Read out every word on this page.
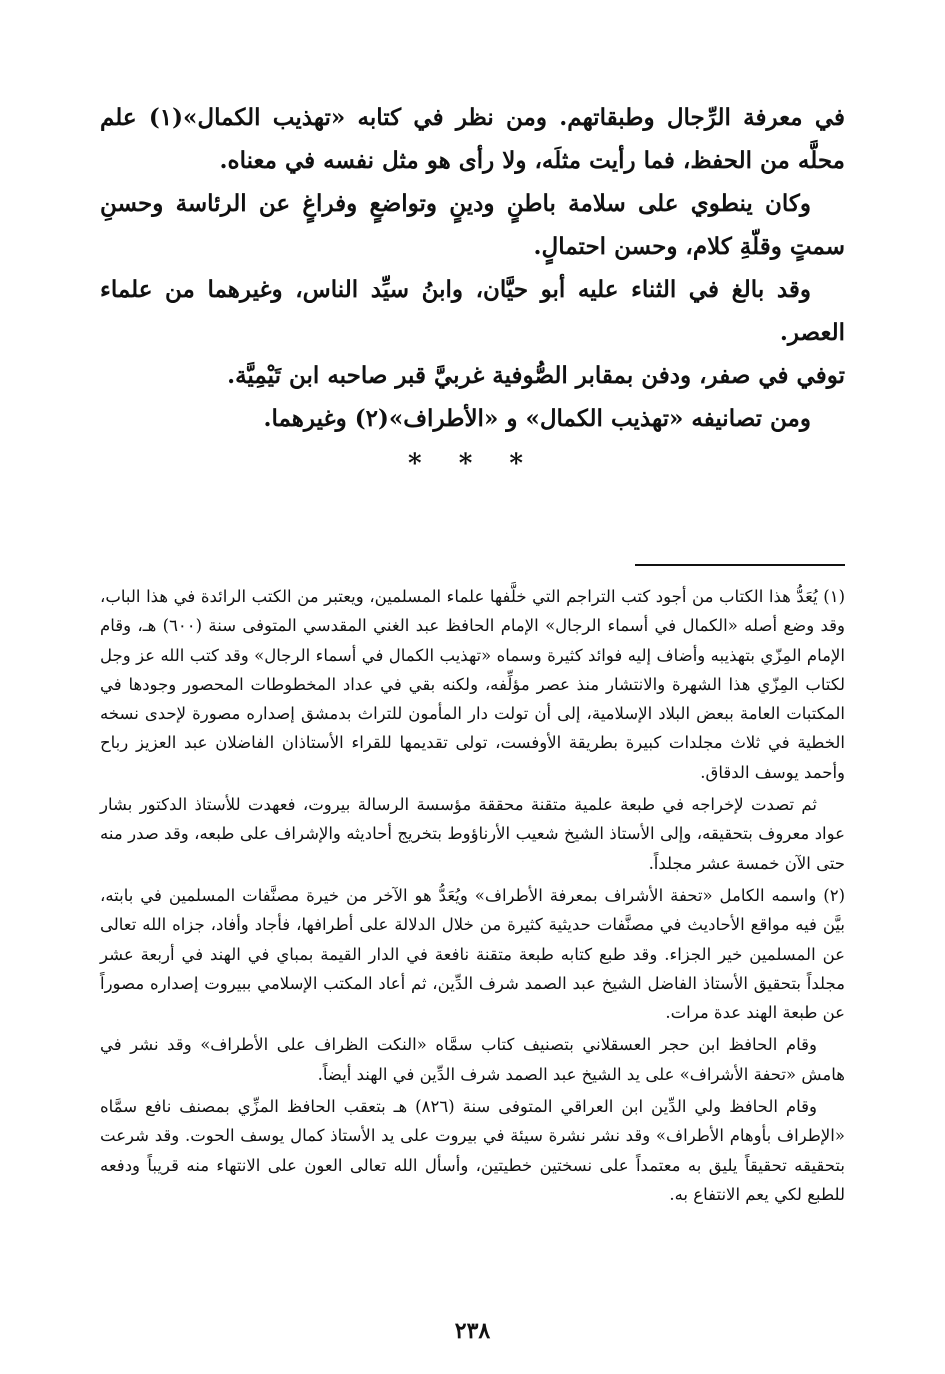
في معرفة الرِّجال وطبقاتهم. ومن نظر في كتابه «تهذيب الكمال»(١) علم محلَّه من الحفظ، فما رأيت مثلَه، ولا رأى هو مثل نفسه في معناه.

وكان ينطوي على سلامة باطنٍ ودينٍ وتواضعٍ وفراغٍ عن الرئاسة وحسنِ سمتٍ وقلّةِ كلام، وحسن احتمالٍ.

وقد بالغ في الثناء عليه أبو حيَّان، وابنُ سيِّد الناس، وغيرهما من علماء العصر.

توفي في صفر، ودفن بمقابر الصُّوفية غربيَّ قبر صاحبه ابن تَيْمِيَّة.

ومن تصانيفه «تهذيب الكمال» و «الأطراف»(٢) وغيرهما.

* * *

(١) يُعَدُّ هذا الكتاب من أجود كتب التراجم التي خلَّفها علماء المسلمين، ويعتبر من الكتب الرائدة في هذا الباب، وقد وضع أصله «الكمال في أسماء الرجال» الإمام الحافظ عبد الغني المقدسي المتوفى سنة (٦٠٠) هـ، وقام الإمام المِزّي بتهذيبه وأضاف إليه فوائد كثيرة وسماه «تهذيب الكمال في أسماء الرجال» وقد كتب الله عز وجل لكتاب المِزّي هذا الشهرة والانتشار منذ عصر مؤلِّفه، ولكنه بقي في عداد المخطوطات المحصور وجودها في المكتبات العامة ببعض البلاد الإسلامية، إلى أن تولت دار المأمون للتراث بدمشق إصداره مصورة لإحدى نسخه الخطية في ثلاث مجلدات كبيرة بطريقة الأوفست، تولى تقديمها للقراء الأستاذان الفاضلان عبد العزيز رباح وأحمد يوسف الدقاق.

ثم تصدت لإخراجه في طبعة علمية متقنة محققة مؤسسة الرسالة بيروت، فعهدت للأستاذ الدكتور بشار عواد معروف بتحقيقه، وإلى الأستاذ الشيخ شعيب الأرناؤوط بتخريج أحاديثه والإشراف على طبعه، وقد صدر منه حتى الآن خمسة عشر مجلداً.

(٢) واسمه الكامل «تحفة الأشراف بمعرفة الأطراف» ويُعَدُّ هو الآخر من خيرة مصنَّفات المسلمين في بابته، بيَّن فيه مواقع الأحاديث في مصنَّفات حديثية كثيرة من خلال الدلالة على أطرافها، فأجاد وأفاد، جزاه الله تعالى عن المسلمين خير الجزاء. وقد طبع كتابه طبعة متقنة نافعة في الدار القيمة بمباي في الهند في أربعة عشر مجلداً بتحقيق الأستاذ الفاضل الشيخ عبد الصمد شرف الدِّين، ثم أعاد المكتب الإسلامي ببيروت إصداره مصوراً عن طبعة الهند عدة مرات.

وقام الحافظ ابن حجر العسقلاني بتصنيف كتاب سمَّاه «النكت الظراف على الأطراف» وقد نشر في هامش «تحفة الأشراف» على يد الشيخ عبد الصمد شرف الدِّين في الهند أيضاً.

وقام الحافظ ولي الدِّين ابن العراقي المتوفى سنة (٨٢٦) هـ بتعقب الحافظ المزِّي بمصنف نافع سمَّاه «الإطراف بأوهام الأطراف» وقد نشر نشرة سيئة في بيروت على يد الأستاذ كمال يوسف الحوت. وقد شرعت بتحقيقه تحقيقاً يليق به معتمداً على نسختين خطيتين، وأسأل الله تعالى العون على الانتهاء منه قريباً ودفعه للطبع لكي يعم الانتفاع به.

٢٣٨
